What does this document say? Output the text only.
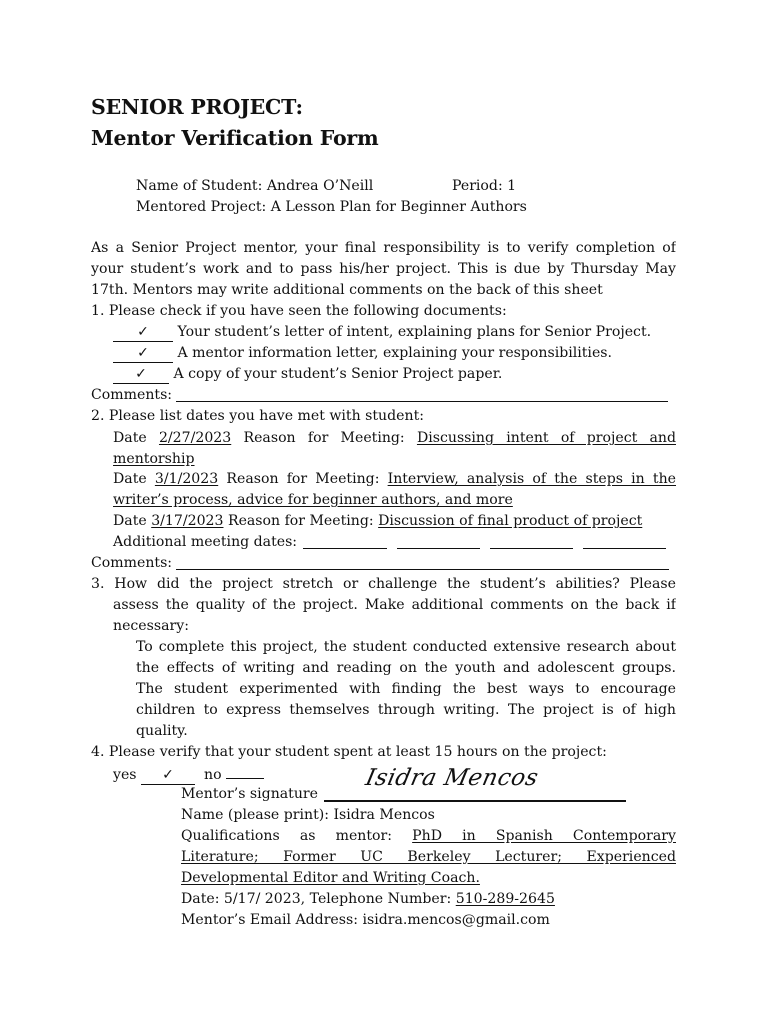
SENIOR PROJECT:
Mentor Verification Form
Name of Student: Andrea O’Neill	Period: 1
Mentored Project: A Lesson Plan for Beginner Authors
As a Senior Project mentor, your final responsibility is to verify completion of
your student’s work and to pass his/her project. This is due by Thursday May
17th. Mentors may write additional comments on the back of this sheet
1. Please check if you have seen the following documents:
✓ Your student’s letter of intent, explaining plans for Senior Project.
✓ A mentor information letter, explaining your responsibilities.
✓ A copy of your student’s Senior Project paper.
Comments:
2. Please list dates you have met with student:
Date 2/27/2023 Reason for Meeting: Discussing intent of project and
mentorship
Date 3/1/2023 Reason for Meeting: Interview, analysis of the steps in the
writer’s process, advice for beginner authors, and more
Date 3/17/2023 Reason for Meeting: Discussion of final product of project
Additional meeting dates:
Comments:
3. How did the project stretch or challenge the student’s abilities? Please
assess the quality of the project. Make additional comments on the back if
necessary:
To complete this project, the student conducted extensive research about
the effects of writing and reading on the youth and adolescent groups.
The student experimented with finding the best ways to encourage
children to express themselves through writing. The project is of high
quality.
4. Please verify that your student spent at least 15 hours on the project:
yes ✓ no
Mentor’s signature
Isidra Mencos
Name (please print): Isidra Mencos
Qualifications as mentor: PhD in Spanish Contemporary
Literature; Former UC Berkeley Lecturer; Experienced
Developmental Editor and Writing Coach.
Date: 5/17/ 2023, Telephone Number: 510-289-2645
Mentor’s Email Address: isidra.mencos@gmail.com
